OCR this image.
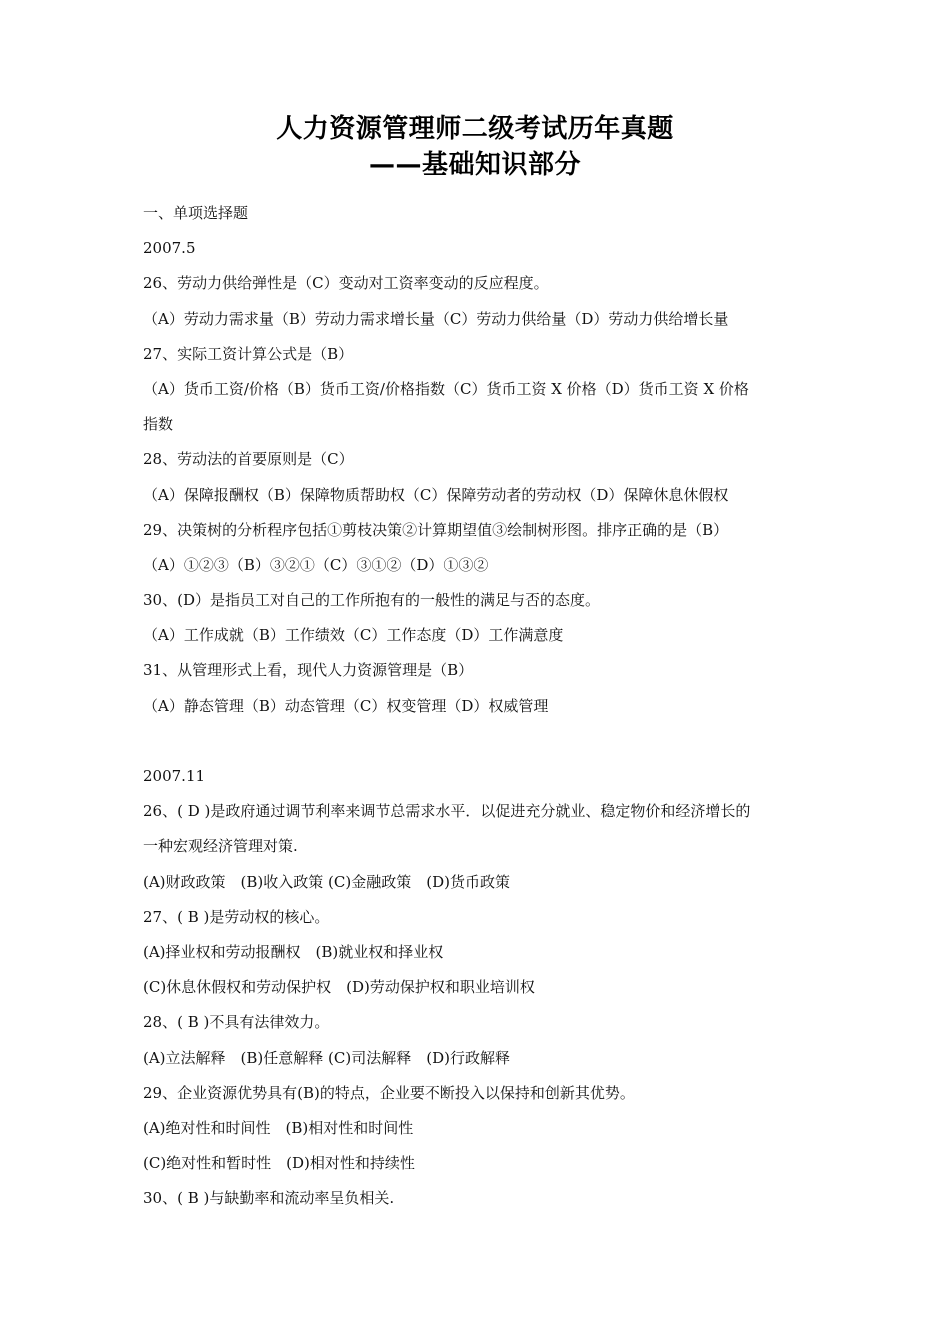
人力资源管理师二级考试历年真题
——基础知识部分
一、单项选择题
2007.5
26、劳动力供给弹性是（C）变动对工资率变动的反应程度。
（A）劳动力需求量（B）劳动力需求增长量（C）劳动力供给量（D）劳动力供给增长量
27、实际工资计算公式是（B）
（A）货币工资/价格（B）货币工资/价格指数（C）货币工资 X 价格（D）货币工资 X 价格
指数
28、劳动法的首要原则是（C）
（A）保障报酬权（B）保障物质帮助权（C）保障劳动者的劳动权（D）保障休息休假权
29、决策树的分析程序包括①剪枝决策②计算期望值③绘制树形图。排序正确的是（B）
（A）①②③（B）③②①（C）③①②（D）①③②
30、(D）是指员工对自己的工作所抱有的一般性的满足与否的态度。
（A）工作成就（B）工作绩效（C）工作态度（D）工作满意度
31、从管理形式上看，现代人力资源管理是（B）
（A）静态管理（B）动态管理（C）权变管理（D）权威管理
2007.11
26、( D )是政府通过调节利率来调节总需求水平．以促进充分就业、稳定物价和经济增长的
一种宏观经济管理对策.
(A)财政政策　(B)收入政策 (C)金融政策　(D)货币政策
27、( B )是劳动权的核心。
(A)择业权和劳动报酬权　(B)就业权和择业权
(C)休息休假权和劳动保护权　(D)劳动保护权和职业培训权
28、( B )不具有法律效力。
(A)立法解释　(B)任意解释 (C)司法解释　(D)行政解释
29、企业资源优势具有(B)的特点，企业要不断投入以保持和创新其优势。
(A)绝对性和时间性　(B)相对性和时间性
(C)绝对性和暂时性　(D)相对性和持续性
30、( B )与缺勤率和流动率呈负相关.
